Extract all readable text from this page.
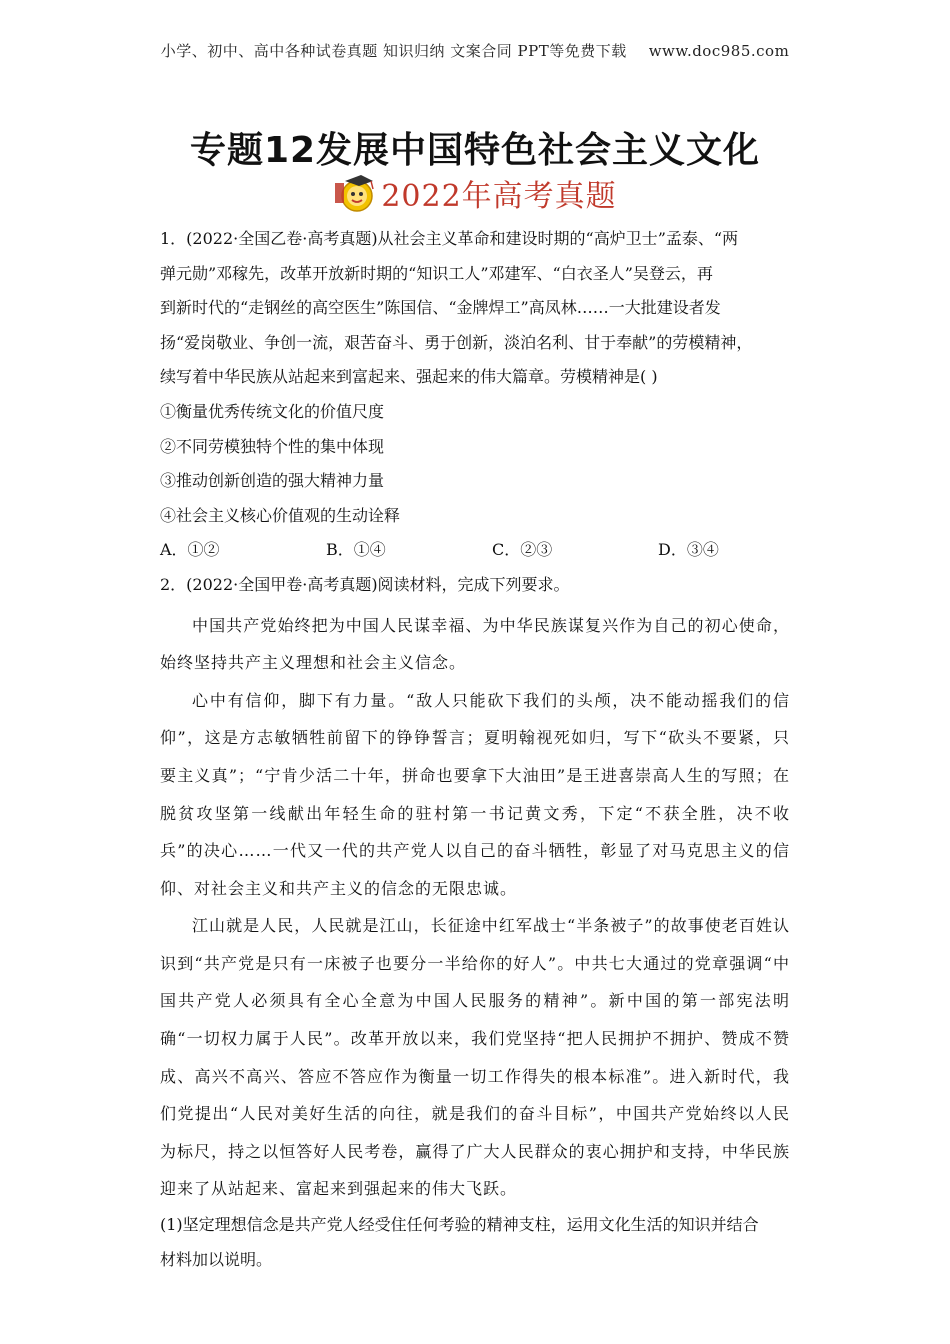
小学、初中、高中各种试卷真题 知识归纳 文案合同 PPT等免费下载 www.doc985.com
专题12发展中国特色社会主义文化
2022年高考真题

1．(2022·全国乙卷·高考真题)从社会主义革命和建设时期的“高炉卫士”孟泰、“两

弹元勋”邓稼先，改革开放新时期的“知识工人”邓建军、“白衣圣人”吴登云，再

到新时代的“走钢丝的高空医生”陈国信、“金牌焊工”高凤林……一大批建设者发

扬“爱岗敬业、争创一流，艰苦奋斗、勇于创新，淡泊名利、甘于奉献”的劳模精神，

续写着中华民族从站起来到富起来、强起来的伟大篇章。劳模精神是( )

①衡量优秀传统文化的价值尺度

②不同劳模独特个性的集中体现

③推动创新创造的强大精神力量

④社会主义核心价值观的生动诠释

A．①②	B．①④	C．②③	D．③④

2．(2022·全国甲卷·高考真题)阅读材料，完成下列要求。

中国共产党始终把为中国人民谋幸福、为中华民族谋复兴作为自己的初心使命，始终坚持共产主义理想和社会主义信念。

心中有信仰，脚下有力量。“敌人只能砍下我们的头颅，决不能动摇我们的信仰”，这是方志敏牺牲前留下的铮铮誓言；夏明翰视死如归，写下“砍头不要紧，只要主义真”；“宁肯少活二十年，拼命也要拿下大油田”是王进喜崇高人生的写照；在脱贫攻坚第一线献出年轻生命的驻村第一书记黄文秀，下定“不获全胜，决不收兵”的决心……一代又一代的共产党人以自己的奋斗牺牲，彰显了对马克思主义的信仰、对社会主义和共产主义的信念的无限忠诚。

江山就是人民，人民就是江山，长征途中红军战士“半条被子”的故事使老百姓认识到“共产党是只有一床被子也要分一半给你的好人”。中共七大通过的党章强调“中国共产党人必须具有全心全意为中国人民服务的精神”。新中国的第一部宪法明确“一切权力属于人民”。改革开放以来，我们党坚持“把人民拥护不拥护、赞成不赞成、高兴不高兴、答应不答应作为衡量一切工作得失的根本标准”。进入新时代，我们党提出“人民对美好生活的向往，就是我们的奋斗目标”，中国共产党始终以人民为标尺，持之以恒答好人民考卷，赢得了广大人民群众的衷心拥护和支持，中华民族迎来了从站起来、富起来到强起来的伟大飞跃。

(1)坚定理想信念是共产党人经受住任何考验的精神支柱，运用文化生活的知识并结合

材料加以说明。
